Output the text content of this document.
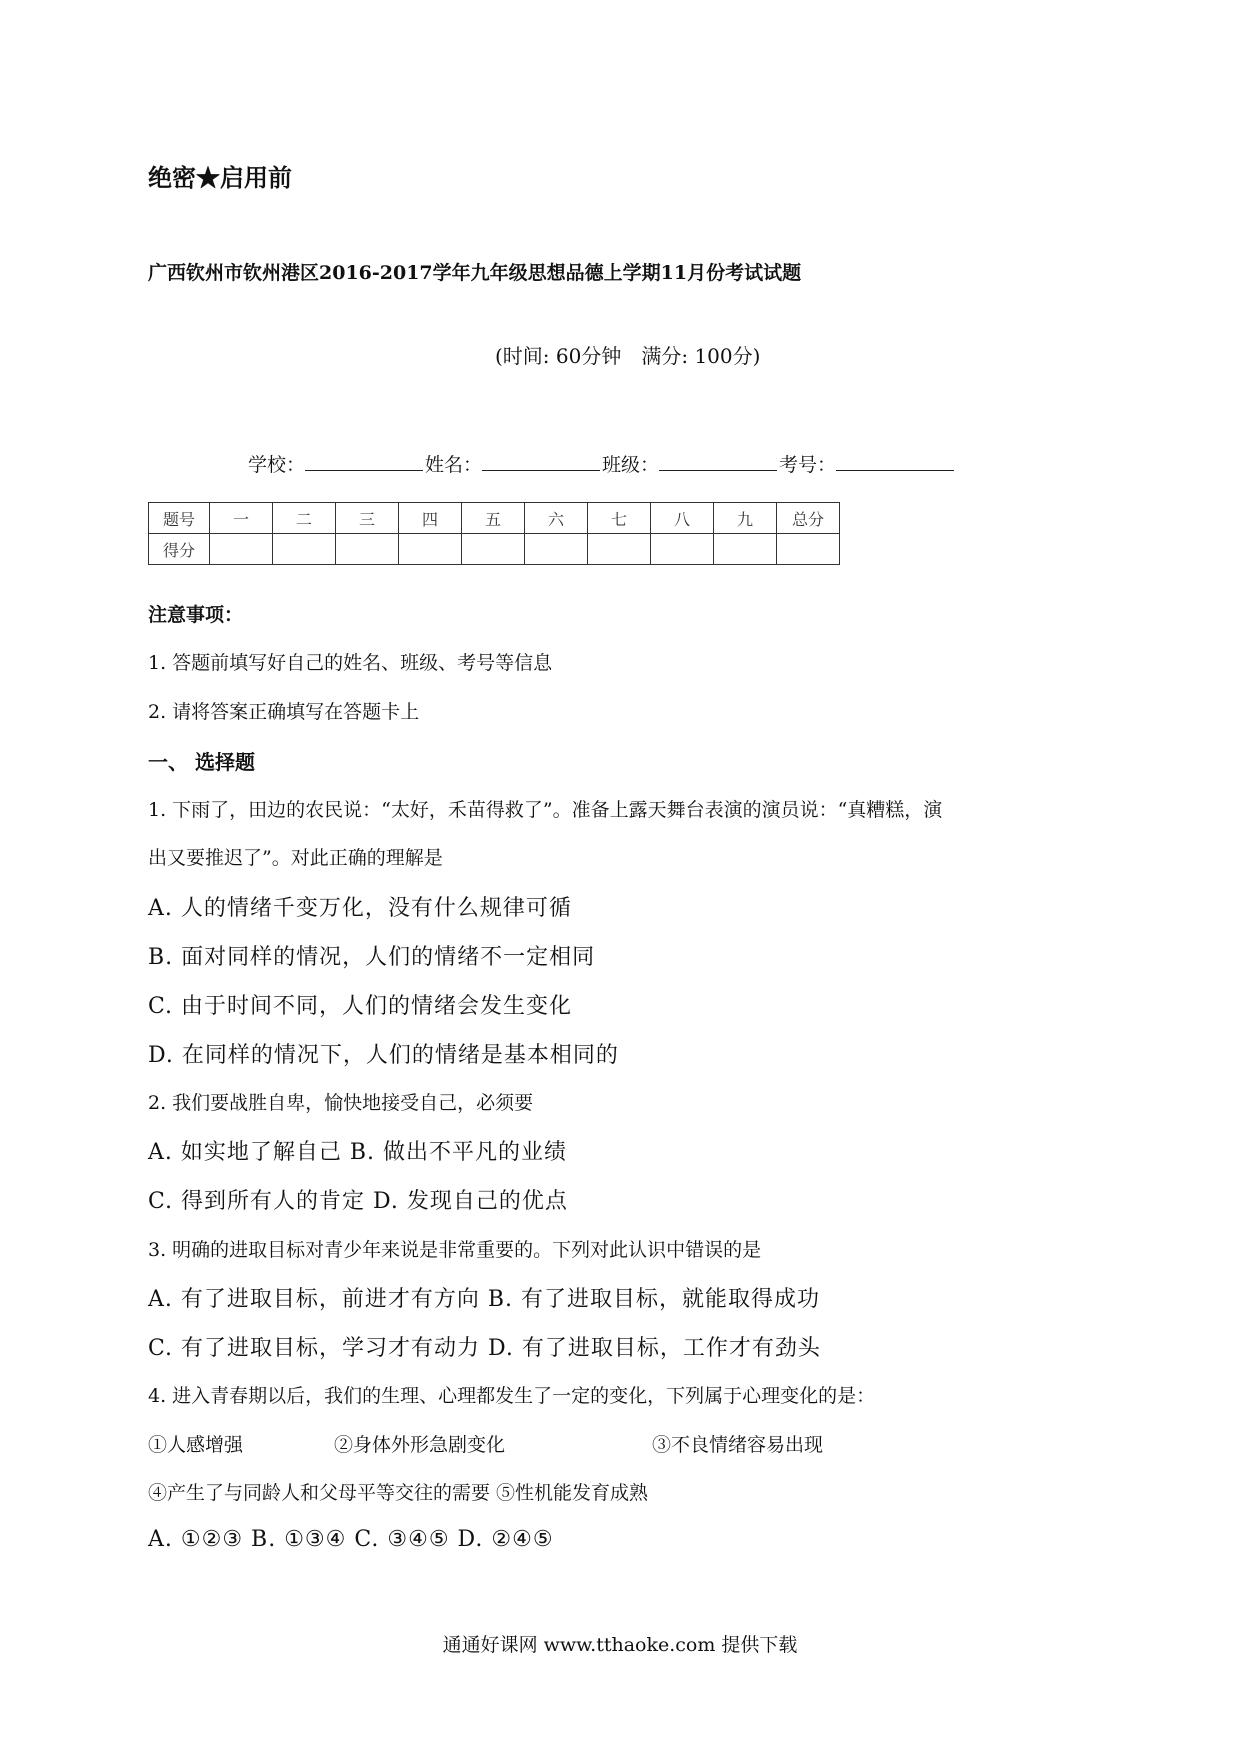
绝密★启用前
广西钦州市钦州港区2016-2017学年九年级思想品德上学期11月份考试试题
(时间: 60分钟　满分: 100分)
学校：	姓名：	班级：	考号：
题号	一	二	三	四	五	六	七	八	九	总分
得分										
注意事项：
1. 答题前填写好自己的姓名、班级、考号等信息
2. 请将答案正确填写在答题卡上
一、 选择题
1. 下雨了，田边的农民说：“太好，禾苗得救了”。准备上露天舞台表演的演员说：“真糟糕，演
出又要推迟了”。对此正确的理解是
A. 人的情绪千变万化，没有什么规律可循
B. 面对同样的情况，人们的情绪不一定相同
C. 由于时间不同，人们的情绪会发生变化
D. 在同样的情况下，人们的情绪是基本相同的
2. 我们要战胜自卑，愉快地接受自己，必须要
A. 如实地了解自己 B. 做出不平凡的业绩
C. 得到所有人的肯定 D. 发现自己的优点
3. 明确的进取目标对青少年来说是非常重要的。下列对此认识中错误的是
A. 有了进取目标，前进才有方向 B. 有了进取目标，就能取得成功
C. 有了进取目标，学习才有动力 D. 有了进取目标，工作才有劲头
4. 进入青春期以后，我们的生理、心理都发生了一定的变化，下列属于心理变化的是：
①人感增强	②身体外形急剧变化	③不良情绪容易出现
④产生了与同龄人和父母平等交往的需要 ⑤性机能发育成熟
A. ①②③ B. ①③④ C. ③④⑤ D. ②④⑤
通通好课网 www.tthaoke.com 提供下载
